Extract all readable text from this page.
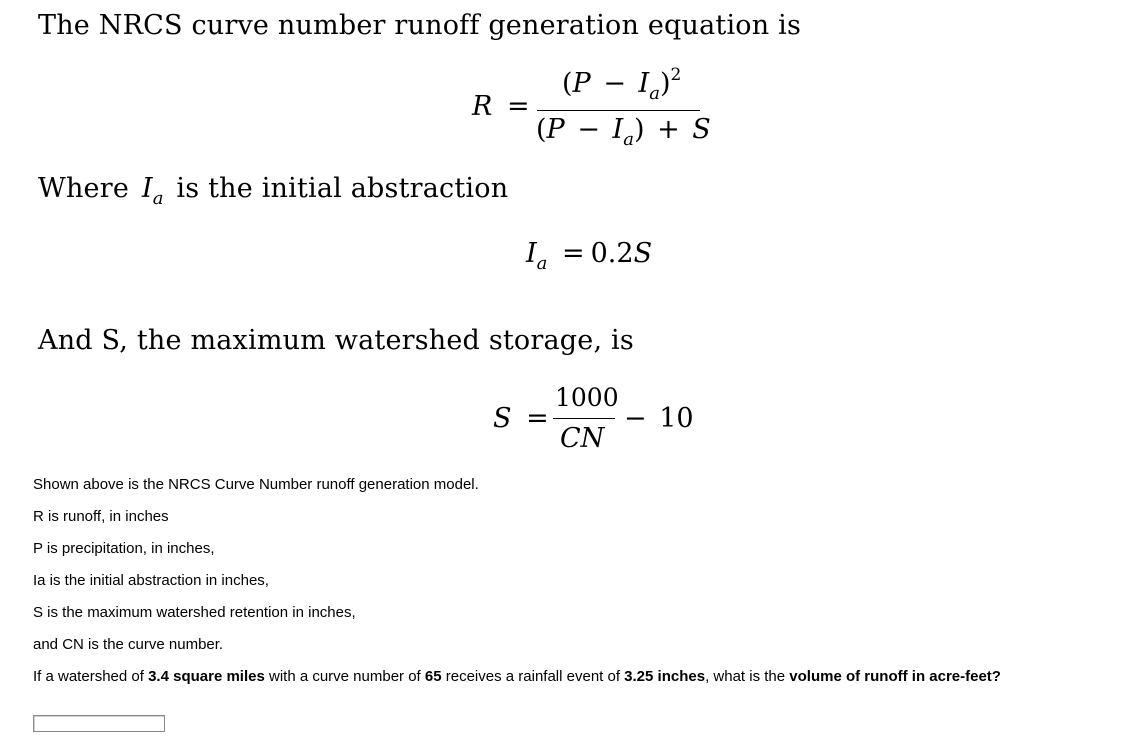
The NRCS curve number runoff generation equation is
R =
$(P - I_a)^2$
$(P - I_a) + S$
Where $I_a$ is the initial abstraction
$I_a = 0.2S$
And S, the maximum watershed storage, is
S =
1000
CN
− 10
Shown above is the NRCS Curve Number runoff generation model.
R is runoff, in inches
P is precipitation, in inches,
Ia is the initial abstraction in inches,
S is the maximum watershed retention in inches,
and CN is the curve number.
If a watershed of 3.4 square miles with a curve number of 65 receives a rainfall event of 3.25 inches, what is the volume of runoff in acre-feet?
